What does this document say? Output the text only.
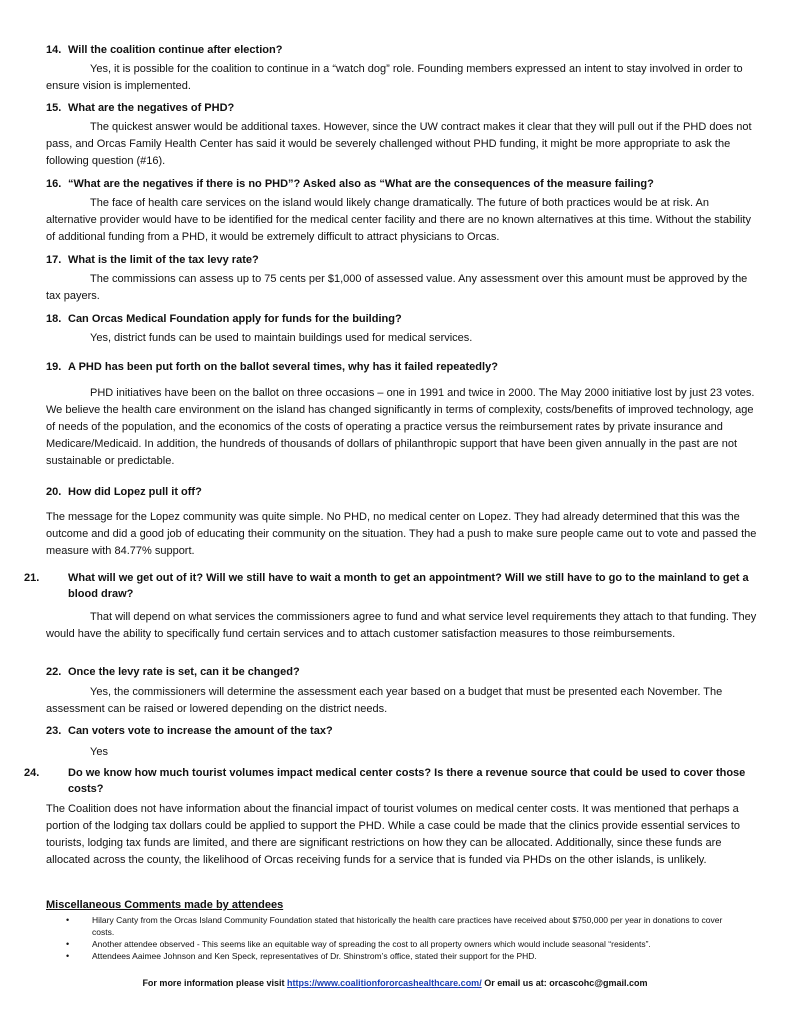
14. Will the coalition continue after election?

Yes, it is possible for the coalition to continue in a “watch dog” role. Founding members expressed an intent to stay involved in order to ensure vision is implemented.

15. What are the negatives of PHD?

The quickest answer would be additional taxes. However, since the UW contract makes it clear that they will pull out if the PHD does not pass, and Orcas Family Health Center has said it would be severely challenged without PHD funding, it might be more appropriate to ask the following question (#16).

16. “What are the negatives if there is no PHD”? Asked also as “What are the consequences of the measure failing?

The face of health care services on the island would likely change dramatically. The future of both practices would be at risk. An alternative provider would have to be identified for the medical center facility and there are no known alternatives at this time. Without the stability of additional funding from a PHD, it would be extremely difficult to attract physicians to Orcas.

17. What is the limit of the tax levy rate?

The commissions can assess up to 75 cents per $1,000 of assessed value. Any assessment over this amount must be approved by the tax payers.

18. Can Orcas Medical Foundation apply for funds for the building?

Yes, district funds can be used to maintain buildings used for medical services.

19. A PHD has been put forth on the ballot several times, why has it failed repeatedly?

PHD initiatives have been on the ballot on three occasions – one in 1991 and twice in 2000. The May 2000 initiative lost by just 23 votes. We believe the health care environment on the island has changed significantly in terms of complexity, costs/benefits of improved technology, age of needs of the population, and the economics of the costs of operating a practice versus the reimbursement rates by private insurance and Medicare/Medicaid. In addition, the hundreds of thousands of dollars of philanthropic support that have been given annually in the past are not sustainable or predictable.

20. How did Lopez pull it off?

The message for the Lopez community was quite simple. No PHD, no medical center on Lopez. They had already determined that this was the outcome and did a good job of educating their community on the situation. They had a push to make sure people came out to vote and passed the measure with 84.77% support.

21.	What will we get out of it? Will we still have to wait a month to get an appointment? Will we still have to go to the mainland to get a blood draw?

That will depend on what services the commissioners agree to fund and what service level requirements they attach to that funding. They would have the ability to specifically fund certain services and to attach customer satisfaction measures to those reimbursements.

22. Once the levy rate is set, can it be changed?

Yes, the commissioners will determine the assessment each year based on a budget that must be presented each November. The assessment can be raised or lowered depending on the district needs.

23. Can voters vote to increase the amount of the tax?

Yes

24.	Do we know how much tourist volumes impact medical center costs? Is there a revenue source that could be used to cover those costs?

The Coalition does not have information about the financial impact of tourist volumes on medical center costs. It was mentioned that perhaps a portion of the lodging tax dollars could be applied to support the PHD. While a case could be made that the clinics provide essential services to tourists, lodging tax funds are limited, and there are significant restrictions on how they can be allocated. Additionally, since these funds are allocated across the county, the likelihood of Orcas receiving funds for a service that is funded via PHDs on the other islands, is unlikely.

Miscellaneous Comments made by attendees

•	Hilary Canty from the Orcas Island Community Foundation stated that historically the health care practices have received about $750,000 per year in donations to cover costs.
•	Another attendee observed - This seems like an equitable way of spreading the cost to all property owners which would include seasonal “residents”.
•	Attendees Aaimee Johnson and Ken Speck, representatives of Dr. Shinstrom’s office, stated their support for the PHD.

For more information please visit https://www.coalitionfororcashealthcare.com/ Or email us at: orcascohc@gmail.com
